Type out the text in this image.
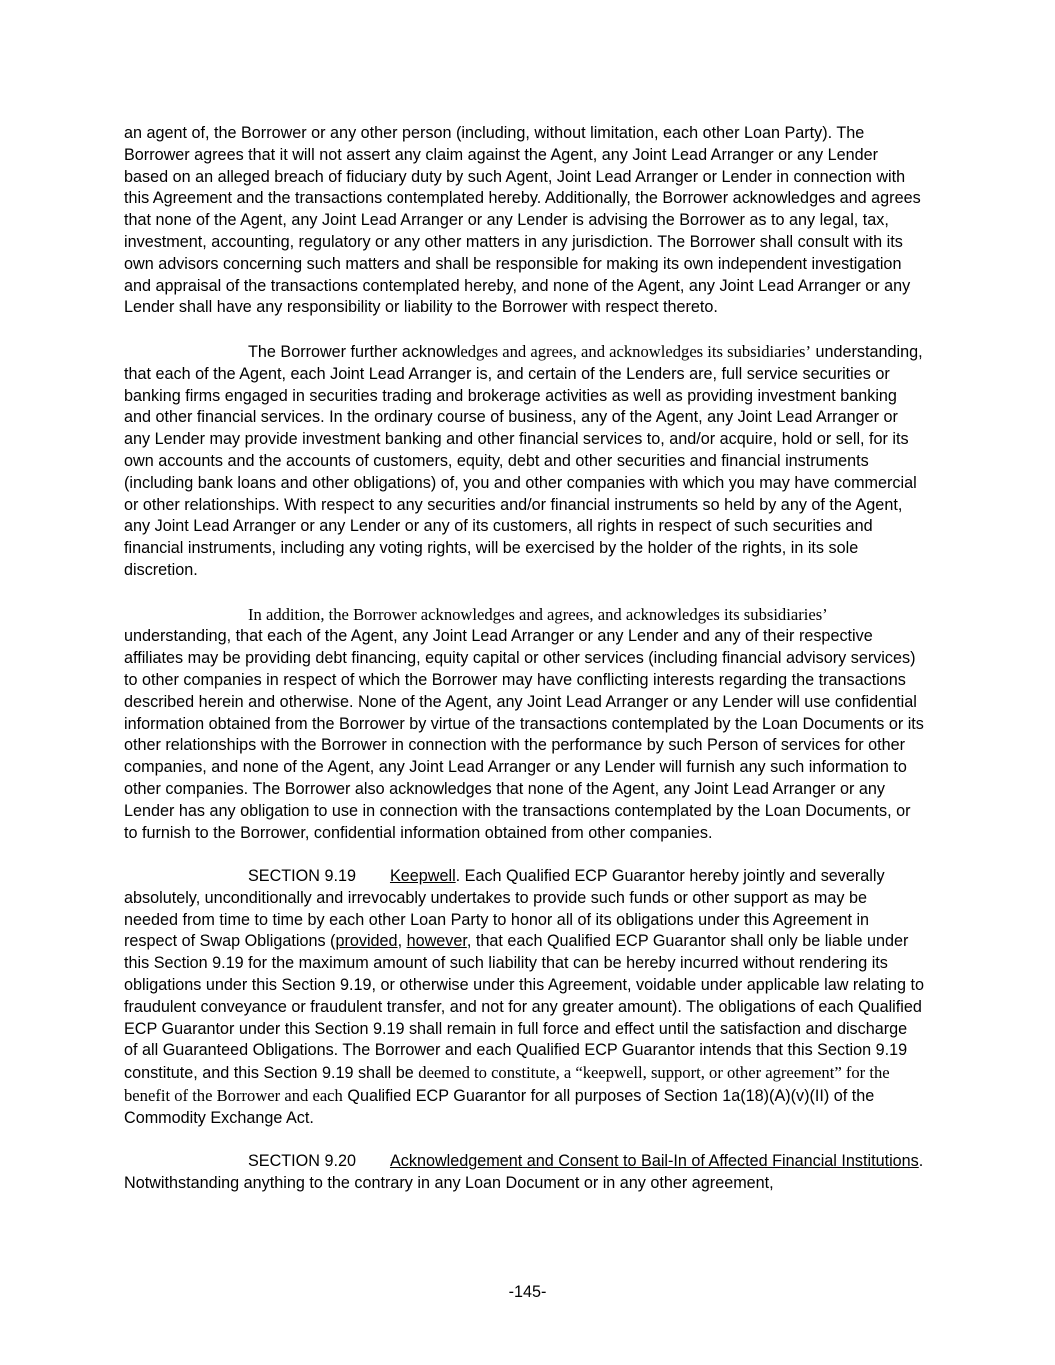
an agent of, the Borrower or any other person (including, without limitation, each other Loan Party). The Borrower agrees that it will not assert any claim against the Agent, any Joint Lead Arranger or any Lender based on an alleged breach of fiduciary duty by such Agent, Joint Lead Arranger or Lender in connection with this Agreement and the transactions contemplated hereby. Additionally, the Borrower acknowledges and agrees that none of the Agent, any Joint Lead Arranger or any Lender is advising the Borrower as to any legal, tax, investment, accounting, regulatory or any other matters in any jurisdiction. The Borrower shall consult with its own advisors concerning such matters and shall be responsible for making its own independent investigation and appraisal of the transactions contemplated hereby, and none of the Agent, any Joint Lead Arranger or any Lender shall have any responsibility or liability to the Borrower with respect thereto.

The Borrower further acknowledges and agrees, and acknowledges its subsidiaries’ understanding, that each of the Agent, each Joint Lead Arranger is, and certain of the Lenders are, full service securities or banking firms engaged in securities trading and brokerage activities as well as providing investment banking and other financial services. In the ordinary course of business, any of the Agent, any Joint Lead Arranger or any Lender may provide investment banking and other financial services to, and/or acquire, hold or sell, for its own accounts and the accounts of customers, equity, debt and other securities and financial instruments (including bank loans and other obligations) of, you and other companies with which you may have commercial or other relationships. With respect to any securities and/or financial instruments so held by any of the Agent, any Joint Lead Arranger or any Lender or any of its customers, all rights in respect of such securities and financial instruments, including any voting rights, will be exercised by the holder of the rights, in its sole discretion.

In addition, the Borrower acknowledges and agrees, and acknowledges its subsidiaries’ understanding, that each of the Agent, any Joint Lead Arranger or any Lender and any of their respective affiliates may be providing debt financing, equity capital or other services (including financial advisory services) to other companies in respect of which the Borrower may have conflicting interests regarding the transactions described herein and otherwise. None of the Agent, any Joint Lead Arranger or any Lender will use confidential information obtained from the Borrower by virtue of the transactions contemplated by the Loan Documents or its other relationships with the Borrower in connection with the performance by such Person of services for other companies, and none of the Agent, any Joint Lead Arranger or any Lender will furnish any such information to other companies. The Borrower also acknowledges that none of the Agent, any Joint Lead Arranger or any Lender has any obligation to use in connection with the transactions contemplated by the Loan Documents, or to furnish to the Borrower, confidential information obtained from other companies.

SECTION 9.19 Keepwell. Each Qualified ECP Guarantor hereby jointly and severally absolutely, unconditionally and irrevocably undertakes to provide such funds or other support as may be needed from time to time by each other Loan Party to honor all of its obligations under this Agreement in respect of Swap Obligations (provided, however, that each Qualified ECP Guarantor shall only be liable under this Section 9.19 for the maximum amount of such liability that can be hereby incurred without rendering its obligations under this Section 9.19, or otherwise under this Agreement, voidable under applicable law relating to fraudulent conveyance or fraudulent transfer, and not for any greater amount). The obligations of each Qualified ECP Guarantor under this Section 9.19 shall remain in full force and effect until the satisfaction and discharge of all Guaranteed Obligations. The Borrower and each Qualified ECP Guarantor intends that this Section 9.19 constitute, and this Section 9.19 shall be deemed to constitute, a “keepwell, support, or other agreement” for the benefit of the Borrower and each Qualified ECP Guarantor for all purposes of Section 1a(18)(A)(v)(II) of the Commodity Exchange Act.

SECTION 9.20 Acknowledgement and Consent to Bail-In of Affected Financial Institutions. Notwithstanding anything to the contrary in any Loan Document or in any other agreement,

-145-
